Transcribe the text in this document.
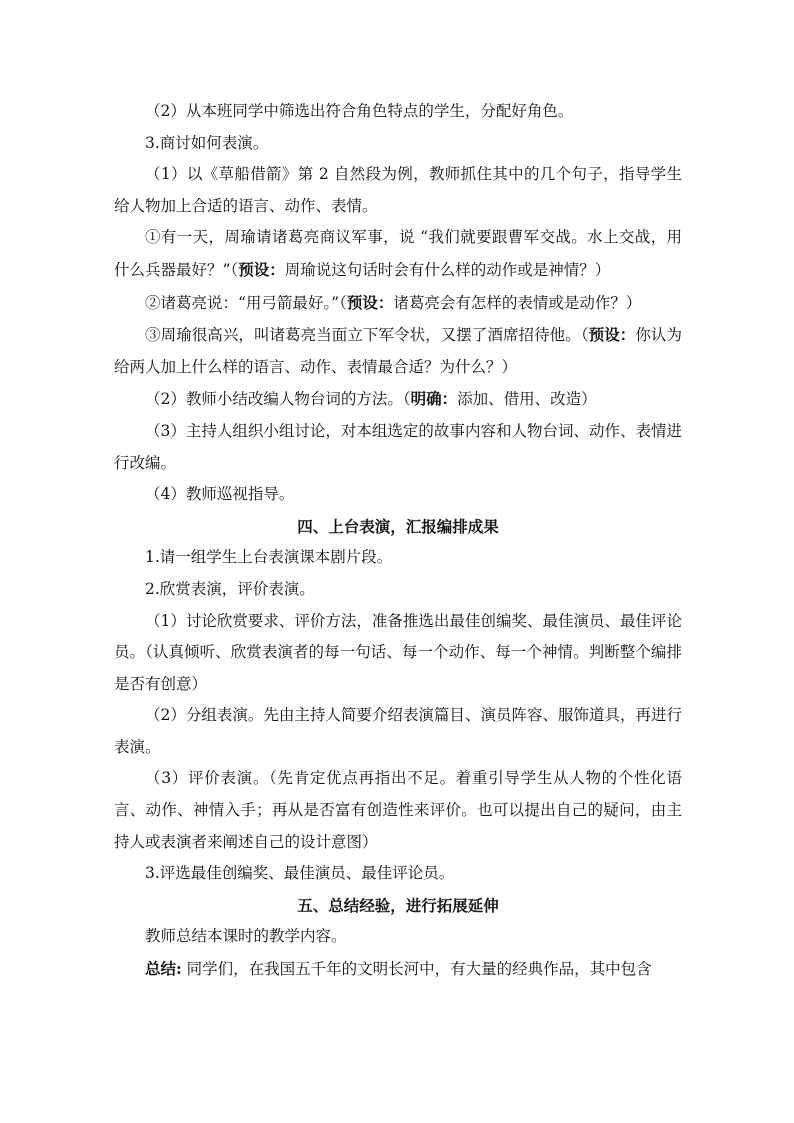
（2）从本班同学中筛选出符合角色特点的学生，分配好角色。

3.商讨如何表演。

（1）以《草船借箭》第 2 自然段为例，教师抓住其中的几个句子，指导学生给人物加上合适的语言、动作、表情。

①有一天，周瑜请诸葛亮商议军事，说 “我们就要跟曹军交战。水上交战，用什么兵器最好？”（预设：周瑜说这句话时会有什么样的动作或是神情？）

②诸葛亮说：“用弓箭最好。”（预设：诸葛亮会有怎样的表情或是动作？）

③周瑜很高兴，叫诸葛亮当面立下军令状，又摆了酒席招待他。（预设：你认为给两人加上什么样的语言、动作、表情最合适？为什么？）

（2）教师小结改编人物台词的方法。（明确：添加、借用、改造）

（3）主持人组织小组讨论，对本组选定的故事内容和人物台词、动作、表情进行改编。

（4）教师巡视指导。

四、上台表演，汇报编排成果

1.请一组学生上台表演课本剧片段。

2.欣赏表演，评价表演。

（1）讨论欣赏要求、评价方法，准备推选出最佳创编奖、最佳演员、最佳评论员。（认真倾听、欣赏表演者的每一句话、每一个动作、每一个神情。判断整个编排是否有创意）

（2）分组表演。先由主持人简要介绍表演篇目、演员阵容、服饰道具，再进行表演。

（3）评价表演。（先肯定优点再指出不足。着重引导学生从人物的个性化语言、动作、神情入手；再从是否富有创造性来评价。也可以提出自己的疑问，由主持人或表演者来阐述自己的设计意图）

3.评选最佳创编奖、最佳演员、最佳评论员。

五、总结经验，进行拓展延伸

教师总结本课时的教学内容。

总结: 同学们，在我国五千年的文明长河中，有大量的经典作品，其中包含
